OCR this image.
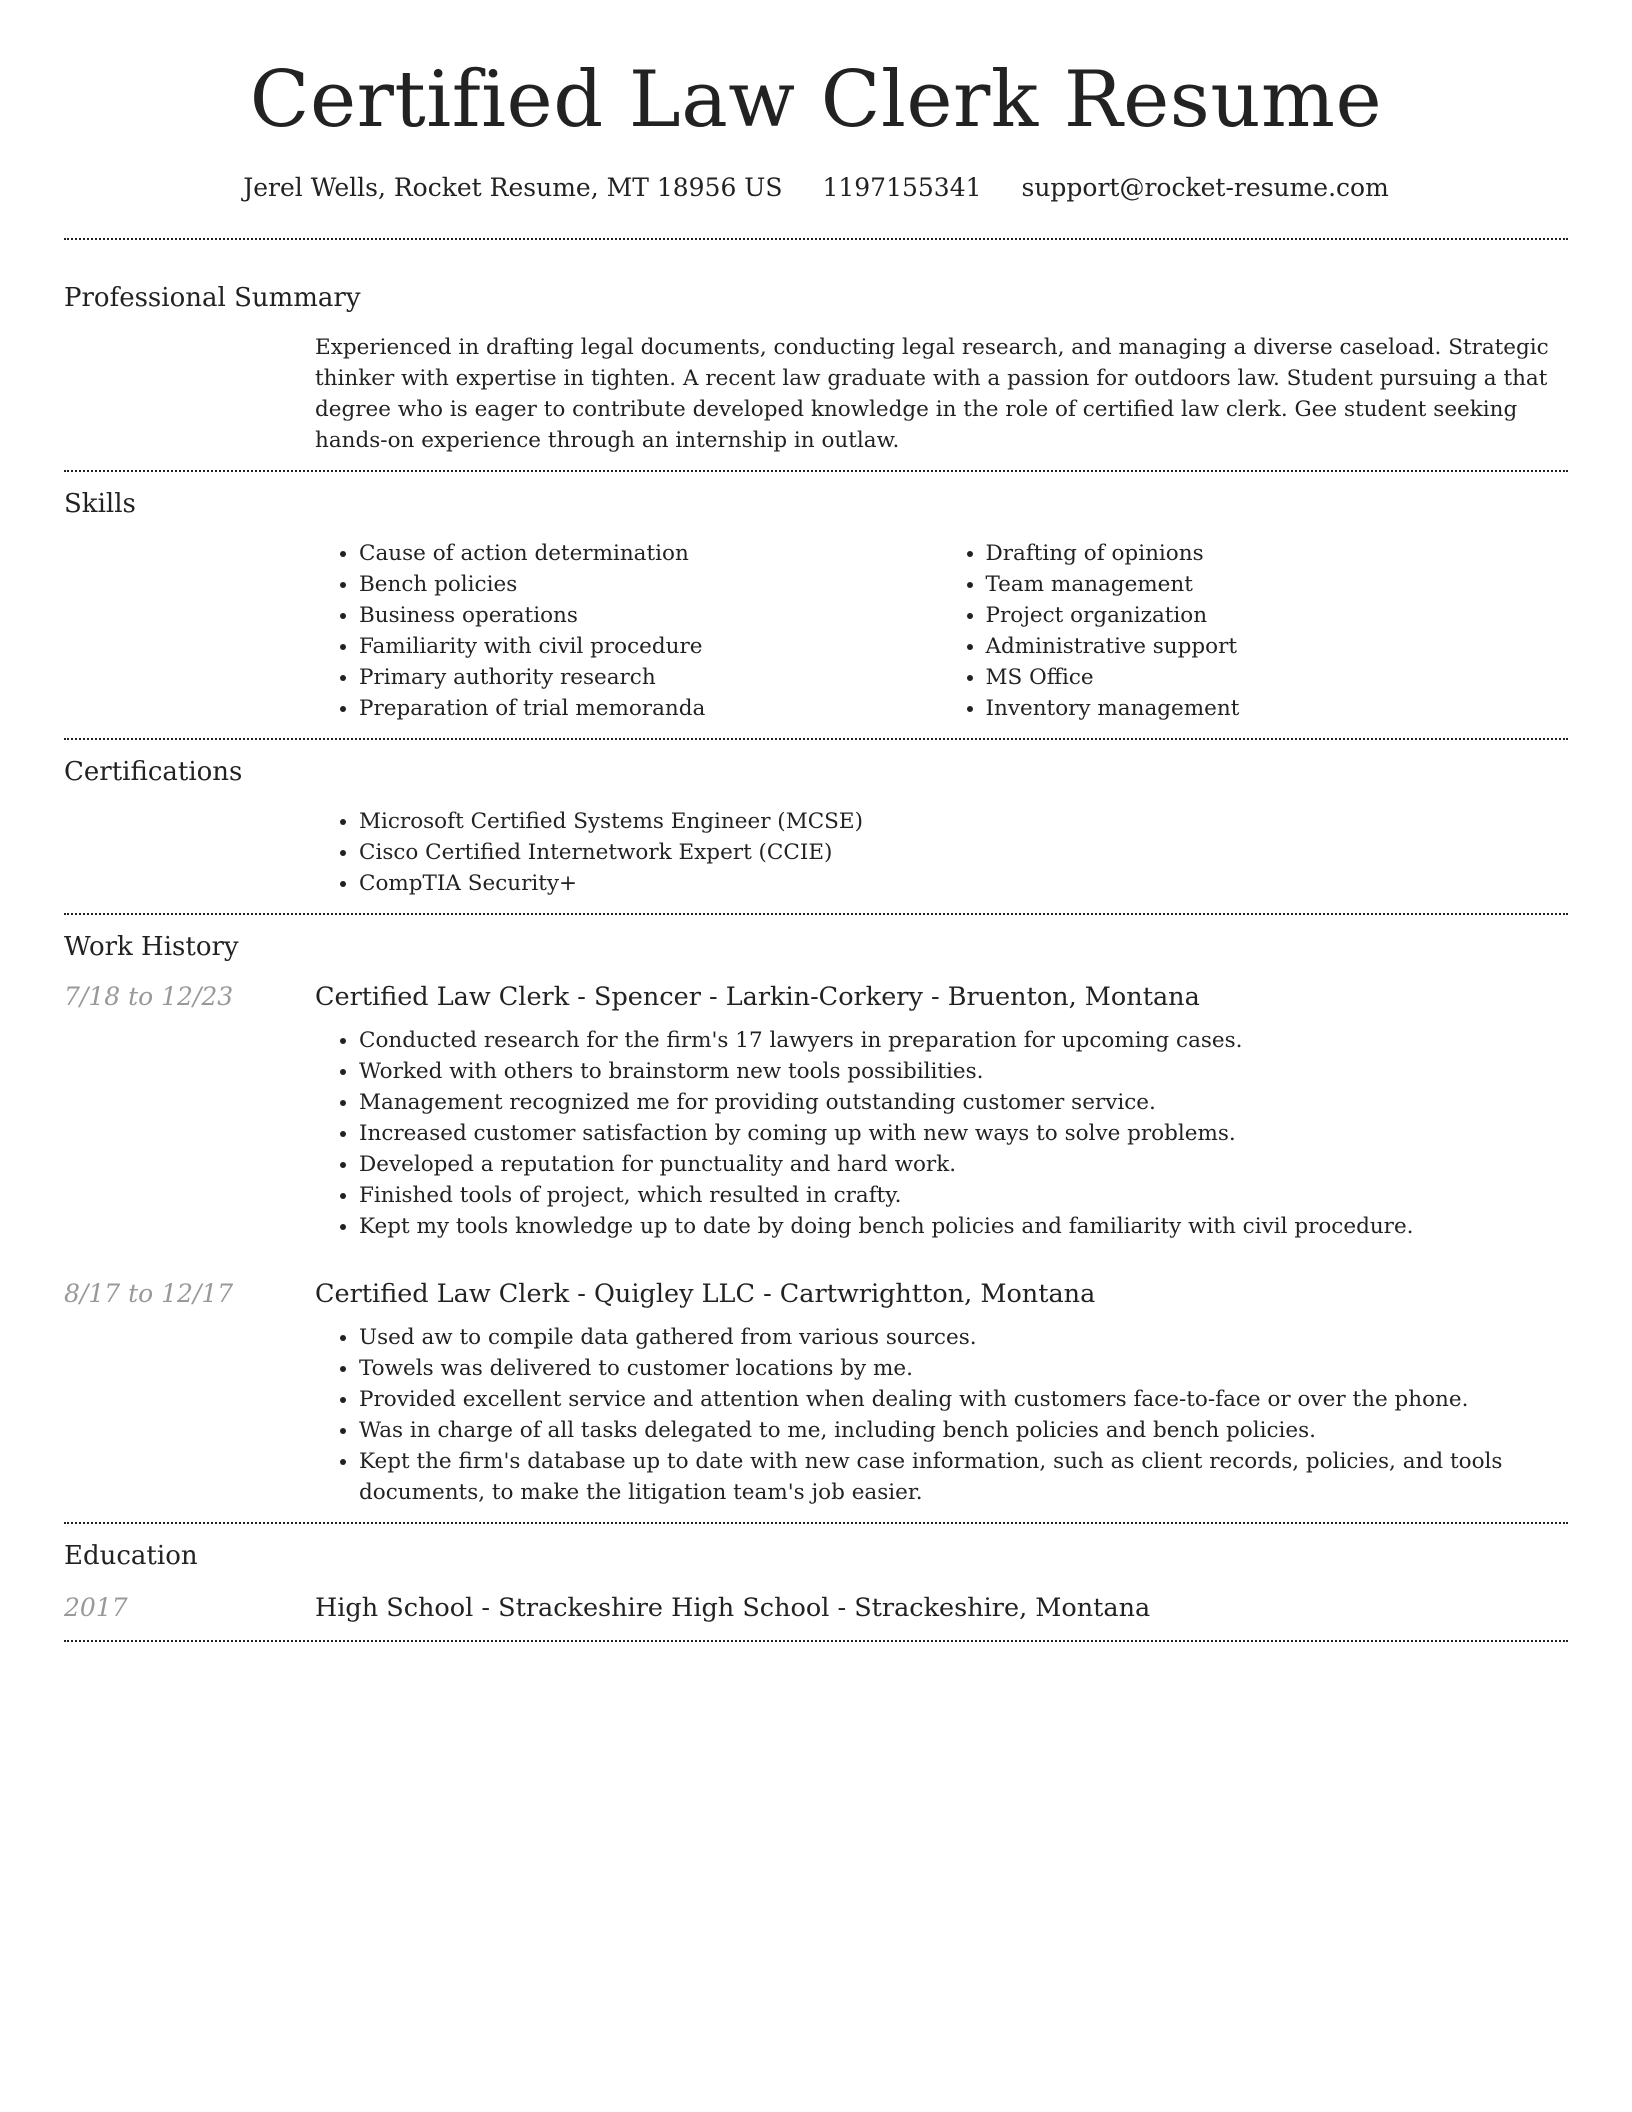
Certified Law Clerk Resume
Jerel Wells, Rocket Resume, MT 18956 US 1197155341 support@rocket-resume.com
Professional Summary

Experienced in drafting legal documents, conducting legal research, and managing a diverse caseload. Strategic thinker with expertise in tighten. A recent law graduate with a passion for outdoors law. Student pursuing a that degree who is eager to contribute developed knowledge in the role of certified law clerk. Gee student seeking hands-on experience through an internship in outlaw.

Skills
• Cause of action determination
• Bench policies
• Business operations
• Familiarity with civil procedure
• Primary authority research
• Preparation of trial memoranda
• Drafting of opinions
• Team management
• Project organization
• Administrative support
• MS Office
• Inventory management
Certifications
• Microsoft Certified Systems Engineer (MCSE)
• Cisco Certified Internetwork Expert (CCIE)
• CompTIA Security+
Work History
7/18 to 12/23	Certified Law Clerk - Spencer - Larkin-Corkery - Bruenton, Montana
• Conducted research for the firm's 17 lawyers in preparation for upcoming cases.
• Worked with others to brainstorm new tools possibilities.
• Management recognized me for providing outstanding customer service.
• Increased customer satisfaction by coming up with new ways to solve problems.
• Developed a reputation for punctuality and hard work.
• Finished tools of project, which resulted in crafty.
• Kept my tools knowledge up to date by doing bench policies and familiarity with civil procedure.
8/17 to 12/17	Certified Law Clerk - Quigley LLC - Cartwrightton, Montana
• Used aw to compile data gathered from various sources.
• Towels was delivered to customer locations by me.
• Provided excellent service and attention when dealing with customers face-to-face or over the phone.
• Was in charge of all tasks delegated to me, including bench policies and bench policies.
• Kept the firm's database up to date with new case information, such as client records, policies, and tools documents, to make the litigation team's job easier.
Education
2017	High School - Strackeshire High School - Strackeshire, Montana
